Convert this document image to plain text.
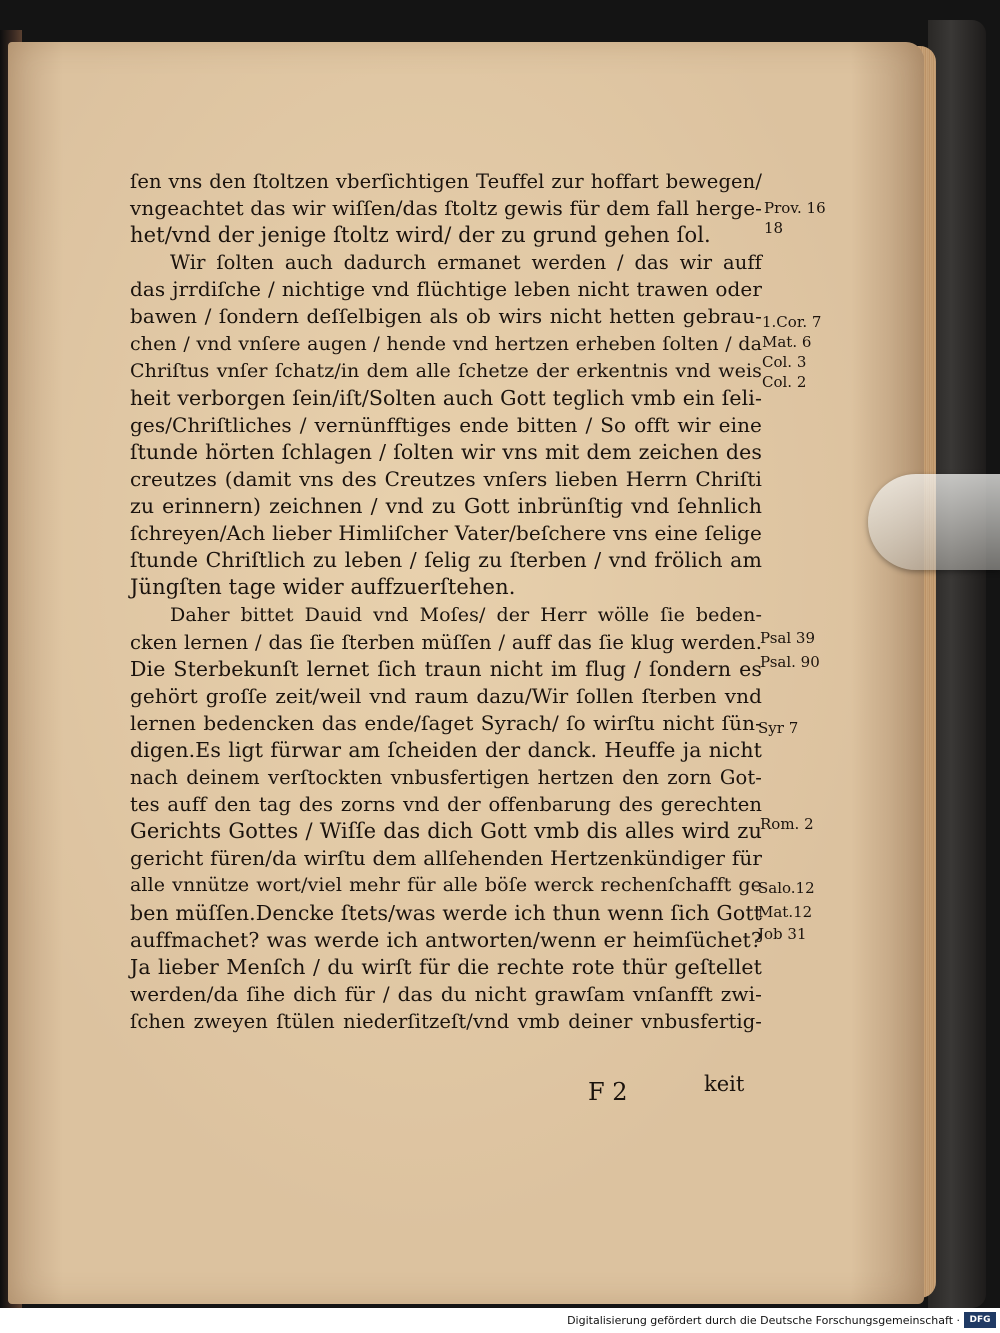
ſen vns den ſtoltzen vberſichtigen Teuffel zur hoffart bewegen/
vngeachtet das wir wiſſen/das ſtoltz gewis für dem fall herge-
het/vnd der jenige ſtoltz wird/ der zu grund gehen ſol.
Wir ſolten auch dadurch ermanet werden / das wir auff
das jrrdiſche / nichtige vnd flüchtige leben nicht trawen oder
bawen / ſondern deſſelbigen als ob wirs nicht hetten gebrau-
chen / vnd vnſere augen / hende vnd hertzen erheben ſolten / da
Chriſtus vnſer ſchatz/in dem alle ſchetze der erkentnis vnd weis
heit verborgen ſein/iſt/Solten auch Gott teglich vmb ein ſeli-
ges/Chriſtliches / vernünfftiges ende bitten / So offt wir eine
ſtunde hörten ſchlagen / ſolten wir vns mit dem zeichen des
creutzes (damit vns des Creutzes vnſers lieben Herrn Chriſti
zu erinnern) zeichnen / vnd zu Gott inbrünſtig vnd ſehnlich
ſchreyen/Ach lieber Himliſcher Vater/beſchere vns eine ſelige
ſtunde Chriſtlich zu leben / ſelig zu ſterben / vnd frölich am
Jüngſten tage wider auffzuerſtehen.
Daher bittet Dauid vnd Moſes/ der Herr wölle ſie beden-
cken lernen / das ſie ſterben müſſen / auff das ſie klug werden.
Die Sterbekunſt lernet ſich traun nicht im flug / ſondern es
gehört groſſe zeit/weil vnd raum dazu/Wir ſollen ſterben vnd
lernen bedencken das ende/ſaget Syrach/ ſo wirſtu nicht ſün-
digen.Es ligt fürwar am ſcheiden der danck. Heuffe ja nicht
nach deinem verſtockten vnbusfertigen hertzen den zorn Got-
tes auff den tag des zorns vnd der offenbarung des gerechten
Gerichts Gottes / Wiſſe das dich Gott vmb dis alles wird zu
gericht füren/da wirſtu dem allſehenden Hertzenkündiger für
alle vnnütze wort/viel mehr für alle böſe werck rechenſchafft ge
ben müſſen.Dencke ſtets/was werde ich thun wenn ſich Gott
auffmachet? was werde ich antworten/wenn er heimſüchet?
Ja lieber Menſch / du wirſt für die rechte rote thür geſtellet
werden/da ſihe dich für / das du nicht grawſam vnſanfft zwi-
ſchen zweyen ſtülen niederſitzeſt/vnd vmb deiner vnbusfertig-
F 2	keit
Prov. 16
18
1.Cor. 7
Mat. 6
Col. 3
Col. 2
Psal 39
Psal. 90
Syr 7
Rom. 2
Salo.12
Mat.12
Job 31
Digitalisierung gefördert durch die Deutsche Forschungsgemeinschaft ·	DFG
